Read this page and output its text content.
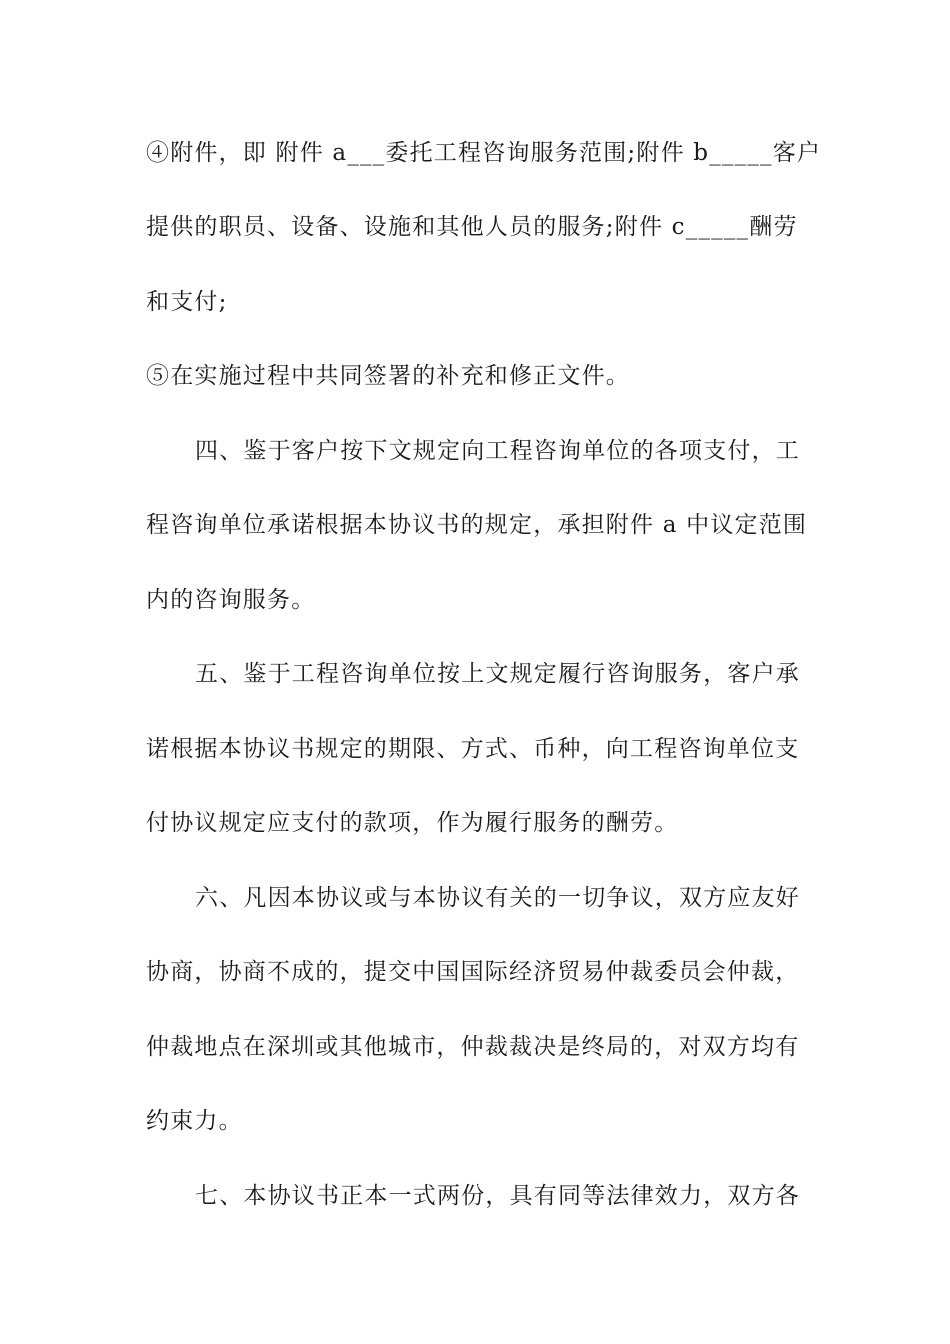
④附件，即 附件 a___委托工程咨询服务范围;附件 b_____客户
提供的职员、设备、设施和其他人员的服务;附件 c_____酬劳
和支付;
⑤在实施过程中共同签署的补充和修正文件。
四、鉴于客户按下文规定向工程咨询单位的各项支付，工
程咨询单位承诺根据本协议书的规定，承担附件 a 中议定范围
内的咨询服务。
五、鉴于工程咨询单位按上文规定履行咨询服务，客户承
诺根据本协议书规定的期限、方式、币种，向工程咨询单位支
付协议规定应支付的款项，作为履行服务的酬劳。
六、凡因本协议或与本协议有关的一切争议，双方应友好
协商，协商不成的，提交中国国际经济贸易仲裁委员会仲裁，
仲裁地点在深圳或其他城市，仲裁裁决是终局的，对双方均有
约束力。
七、本协议书正本一式两份，具有同等法律效力，双方各
